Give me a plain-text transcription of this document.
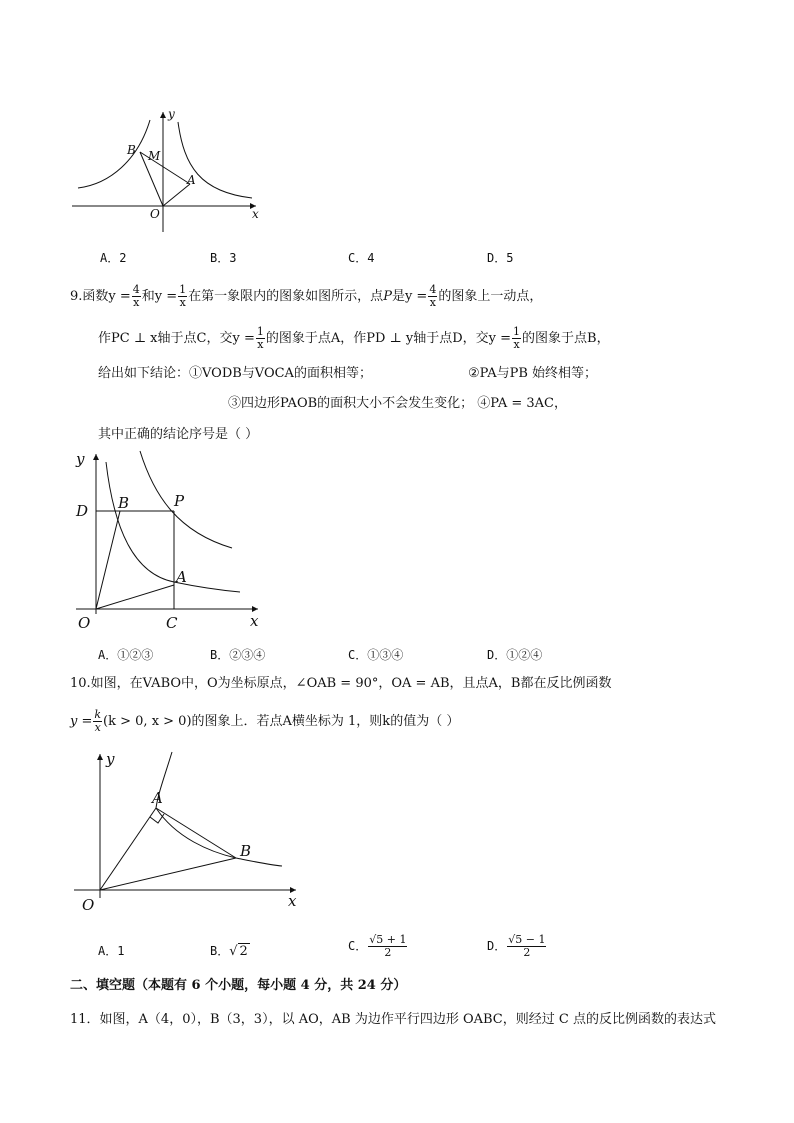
y
x
O
B M
A
A．2	B．3	C．4	D．5
9.函数$y = \frac{4}{x}$ 和$y = \frac{1}{x}$ 在第一象限内的图象如图所示，点P是$y = \frac{4}{x}$ 的图象上一动点，
作PC ⊥ x轴于点C，交$y = \frac{1}{x}$ 的图象于点A，作PD ⊥ y轴于点D，交$y = \frac{1}{x}$ 的图象于点B，
给出如下结论：①VODB与VOCA的面积相等；	②PA与PB 始终相等；
③四边形PAOB的面积大小不会发生变化； ④PA = 3AC，
其中正确的结论序号是（ ）
y
x
O	C
D B	P
A
A．①②③	B．②③④	C．①③④	D．①②④
10.如图，在VABO中，O为坐标原点，∠OAB = 90°，OA = AB，且点A，B都在反比例函数
$y = \frac{k}{x} (k > 0$, x > 0)的图象上．若点A横坐标为 1，则k的值为（ ）
y
x
O
A
B
A．1	B．√ 2	C． $\frac{√5 + 1}{2}$	D． $\frac{√5 - 1}{2}$
二、填空题（本题有 6 个小题，每小题 4 分，共 24 分）
11．如图，A（4，0），B（3，3），以 AO，AB 为边作平行四边形 OABC，则经过 C 点的反比例函数的表达式
